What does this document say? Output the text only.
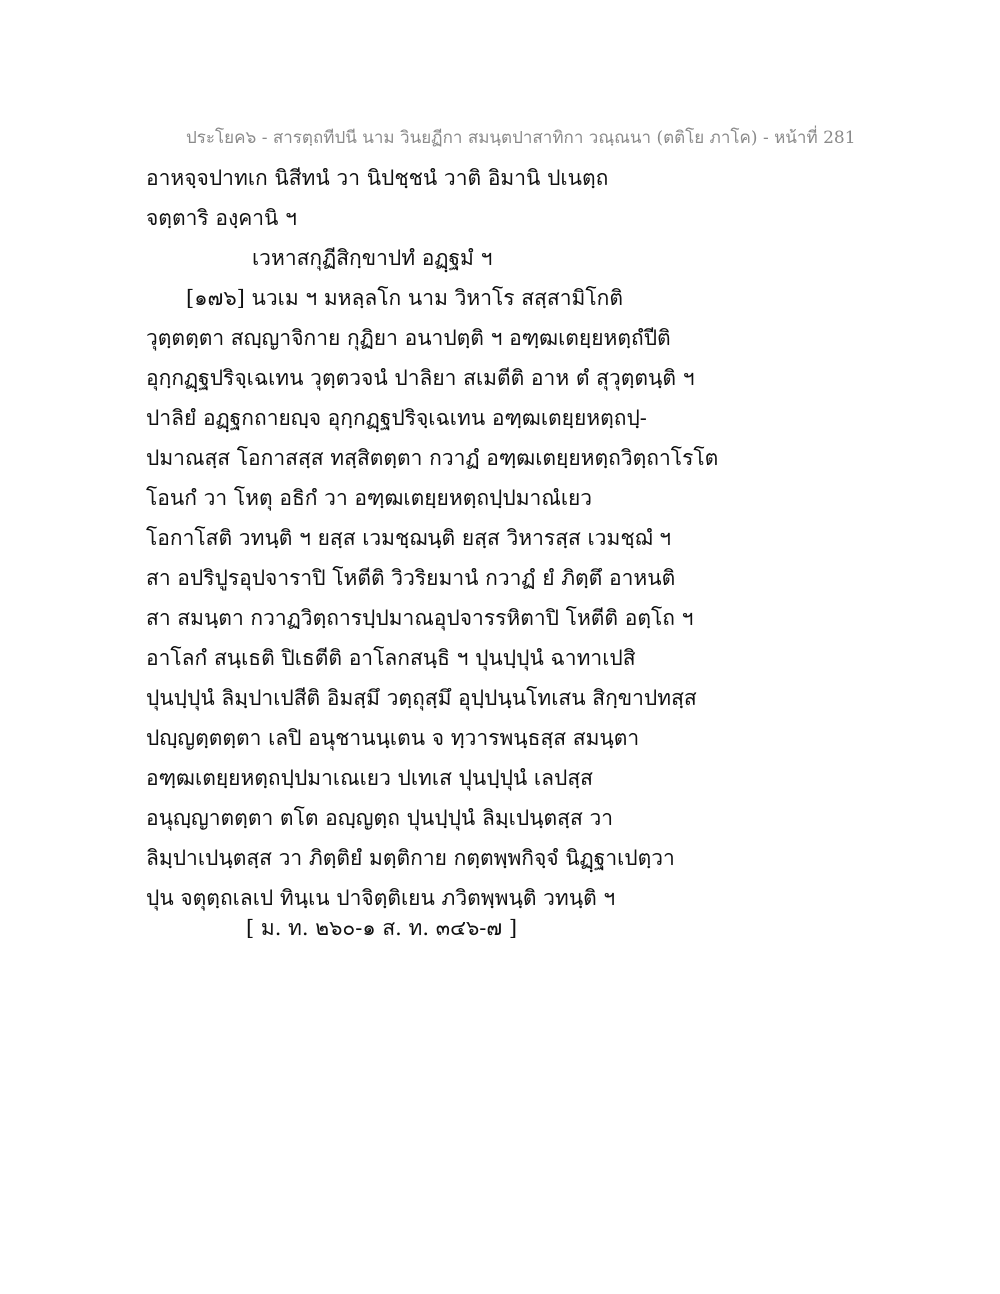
ประโยค๖ - สารตฺถทีปนี นาม วินยฏีกา สมนฺตปาสาทิกา วณฺณนา (ตติโย ภาโค) - หน้าที่ 281
อาหจฺจปาทเก นิสีทนํ วา นิปชฺชนํ วาติ อิมานิ ปเนตฺถ
จตฺตาริ องฺคานิ ฯ
เวหาสกุฏีสิกฺขาปทํ อฏฺฐมํ ฯ
[๑๗๖] นวเม ฯ มหลฺลโก นาม วิหาโร สสฺสามิโกติ
วุตฺตตฺตา สญฺญาจิกาย กุฏิยา อนาปตฺติ ฯ อฑฺฒเตยฺยหตฺถํปีติ
อุกฺกฏฺฐปริจฺเฉเทน วุตฺตวจนํ ปาลิยา สเมตีติ อาห ตํ สุวุตฺตนฺติ ฯ
ปาลิยํ อฏฺฐกถายญฺจ อุกฺกฏฺฐปริจฺเฉเทน อฑฺฒเตยฺยหตฺถปฺ-
ปมาณสฺส โอกาสสฺส ทสฺสิตตฺตา กวาฏํ อฑฺฒเตยฺยหตฺถวิตฺถาโรโต
โอนกํ วา โหตุ อธิกํ วา อฑฺฒเตยฺยหตฺถปฺปมาณํเยว
โอกาโสติ วทนฺติ ฯ ยสฺส เวมชฺฌนฺติ ยสฺส วิหารสฺส เวมชฺฌํ ฯ
สา อปริปูรอุปจาราปิ โหตีติ วิวริยมานํ กวาฏํ ยํ ภิตฺตึ อาหนติ
สา สมนฺตา กวาฏวิตฺถารปฺปมาณอุปจารรหิตาปิ โหตีติ อตฺโถ ฯ
อาโลกํ สนฺเธติ ปิเธตีติ อาโลกสนฺธิ ฯ ปุนปฺปุนํ ฉาทาเปสิ
ปุนปฺปุนํ ลิมฺปาเปสีติ อิมสฺมึ วตฺถุสฺมึ อุปฺปนฺนโทเสน สิกฺขาปทสฺส
ปญฺญตฺตตฺตา เลปิ อนุชานนฺเตน จ ทฺวารพนฺธสฺส สมนฺตา
อฑฺฒเตยฺยหตฺถปฺปมาเณเยว ปเทเส ปุนปฺปุนํ เลปสฺส
อนุญฺญาตตฺตา ตโต อญฺญตฺถ ปุนปฺปุนํ ลิมฺเปนฺตสฺส วา
ลิมฺปาเปนฺตสฺส วา ภิตฺติยํ มตฺติกาย กตฺตพฺพกิจฺจํ นิฏฺฐาเปตฺวา
ปุน จตุตฺถเลเป ทินฺเน ปาจิตฺติเยน ภวิตพฺพนฺติ วทนฺติ ฯ
[ ม. ท. ๒๖๐-๑ ส. ท. ๓๔๖-๗ ]
